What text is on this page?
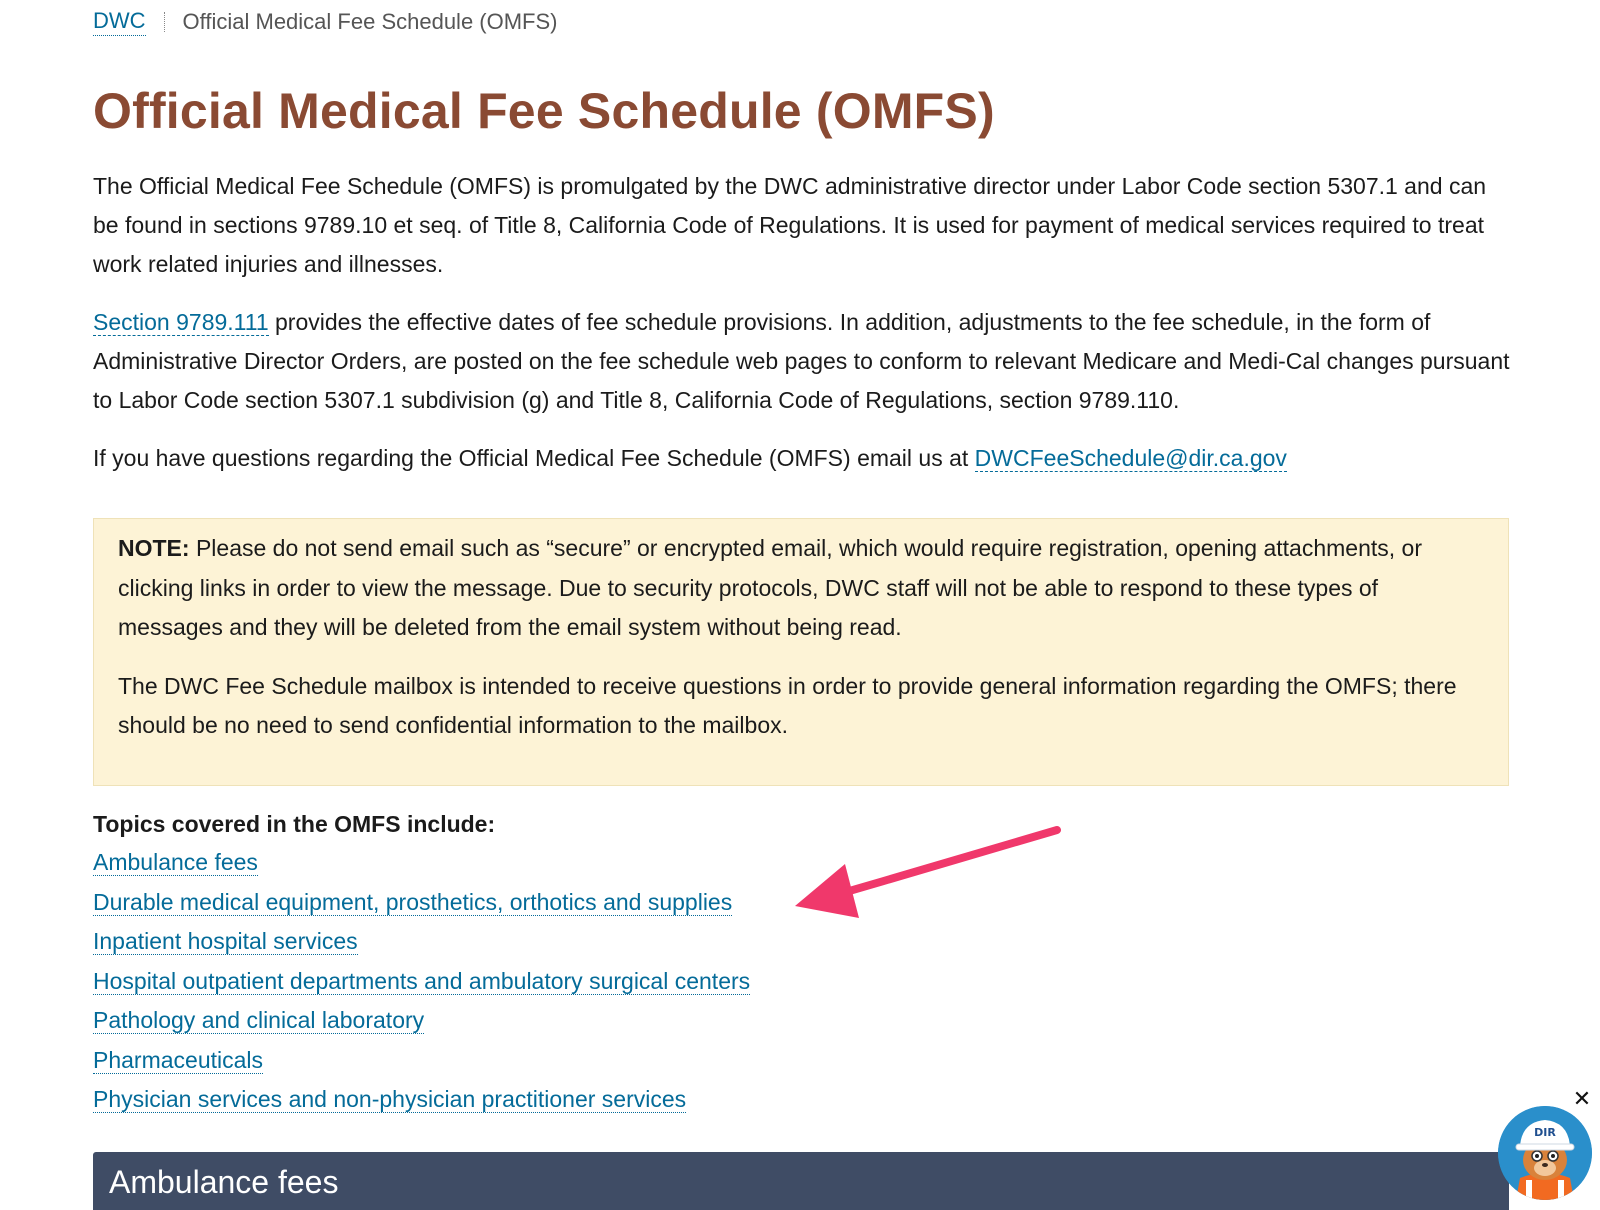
DWC Official Medical Fee Schedule (OMFS)
Official Medical Fee Schedule (OMFS)

The Official Medical Fee Schedule (OMFS) is promulgated by the DWC administrative director under Labor Code section 5307.1 and can be found in sections 9789.10 et seq. of Title 8, California Code of Regulations. It is used for payment of medical services required to treat work related injuries and illnesses.

Section 9789.111 provides the effective dates of fee schedule provisions. In addition, adjustments to the fee schedule, in the form of Administrative Director Orders, are posted on the fee schedule web pages to conform to relevant Medicare and Medi-Cal changes pursuant to Labor Code section 5307.1 subdivision (g) and Title 8, California Code of Regulations, section 9789.110.

If you have questions regarding the Official Medical Fee Schedule (OMFS) email us at DWCFeeSchedule@dir.ca.gov

NOTE: Please do not send email such as “secure” or encrypted email, which would require registration, opening attachments, or clicking links in order to view the message. Due to security protocols, DWC staff will not be able to respond to these types of messages and they will be deleted from the email system without being read.

The DWC Fee Schedule mailbox is intended to receive questions in order to provide general information regarding the OMFS; there should be no need to send confidential information to the mailbox.

Topics covered in the OMFS include:

Ambulance fees
Durable medical equipment, prosthetics, orthotics and supplies
Inpatient hospital services
Hospital outpatient departments and ambulatory surgical centers
Pathology and clinical laboratory
Pharmaceuticals
Physician services and non-physician practitioner services
Ambulance fees
DIR
✕
